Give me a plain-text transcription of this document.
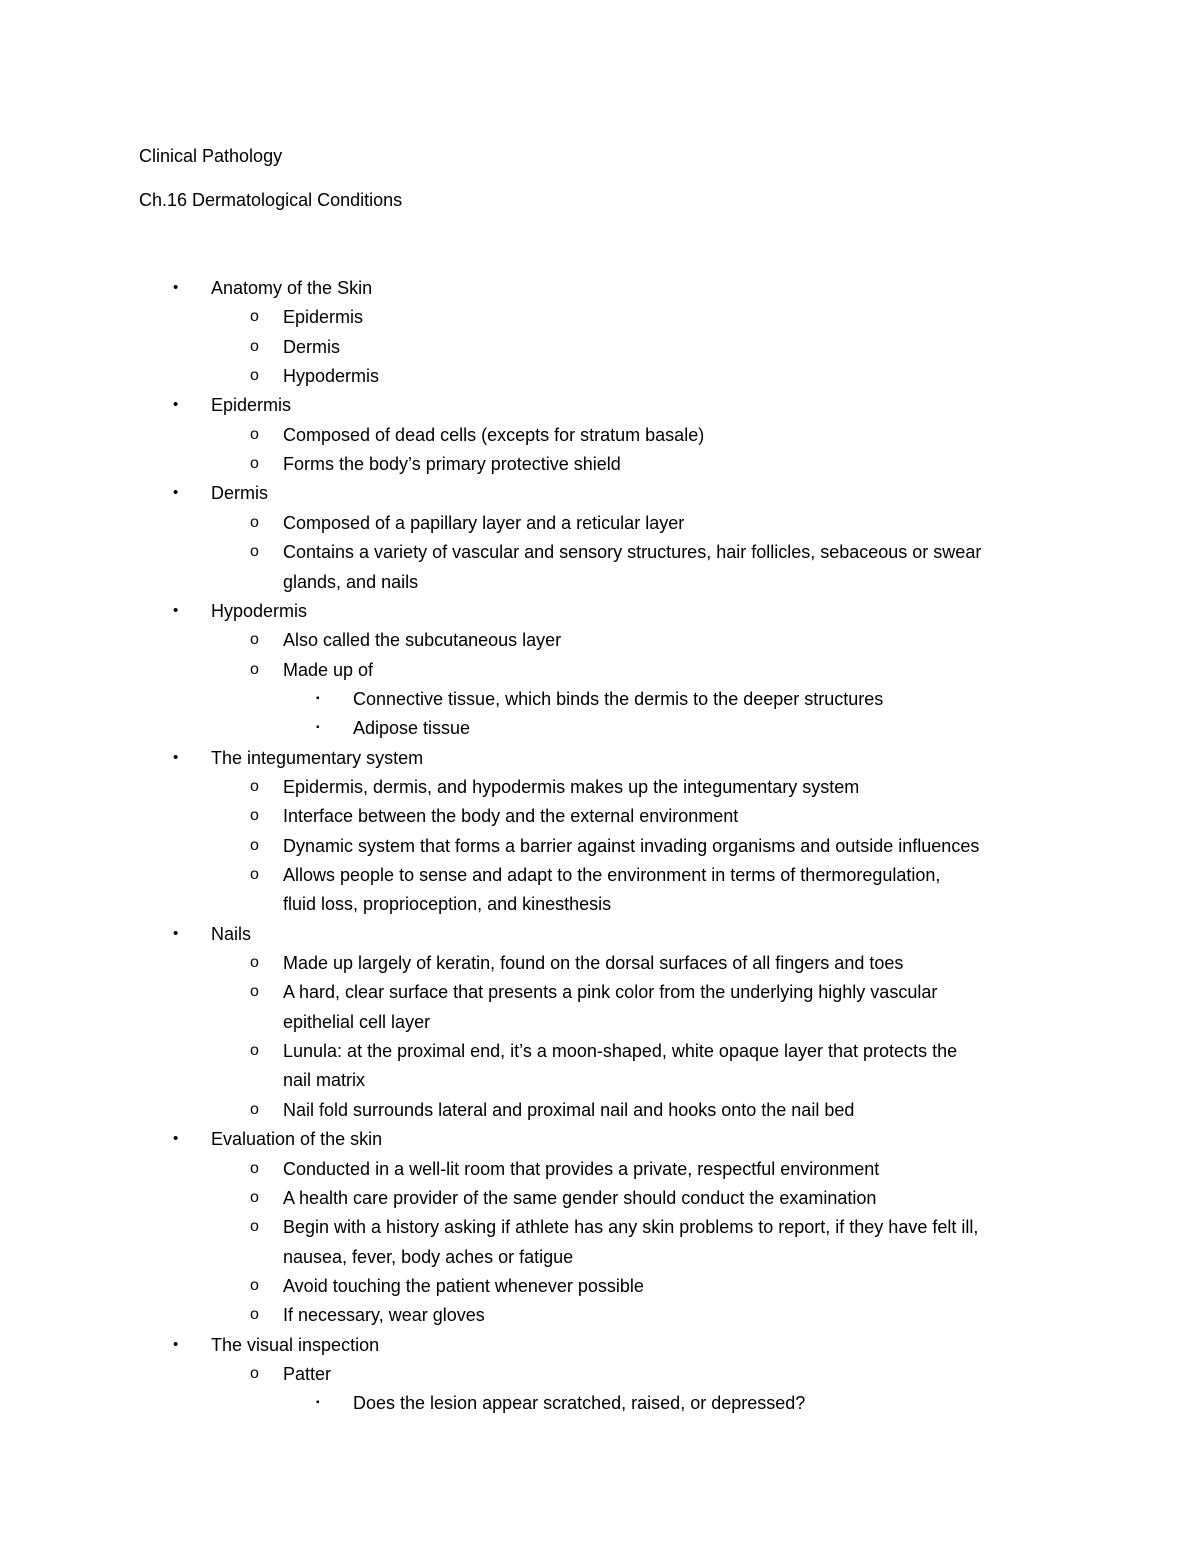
Clinical Pathology
Ch.16 Dermatological Conditions
• Anatomy of the Skin
o Epidermis
o Dermis
o Hypodermis
• Epidermis
o Composed of dead cells (excepts for stratum basale)
o Forms the body’s primary protective shield
• Dermis
o Composed of a papillary layer and a reticular layer
o Contains a variety of vascular and sensory structures, hair follicles, sebaceous or swear
glands, and nails
• Hypodermis
o Also called the subcutaneous layer
o Made up of
▪ Connective tissue, which binds the dermis to the deeper structures
▪ Adipose tissue
• The integumentary system
o Epidermis, dermis, and hypodermis makes up the integumentary system
o Interface between the body and the external environment
o Dynamic system that forms a barrier against invading organisms and outside influences
o Allows people to sense and adapt to the environment in terms of thermoregulation,
fluid loss, proprioception, and kinesthesis
• Nails
o Made up largely of keratin, found on the dorsal surfaces of all fingers and toes
o A hard, clear surface that presents a pink color from the underlying highly vascular
epithelial cell layer
o Lunula: at the proximal end, it’s a moon-shaped, white opaque layer that protects the
nail matrix
o Nail fold surrounds lateral and proximal nail and hooks onto the nail bed
• Evaluation of the skin
o Conducted in a well-lit room that provides a private, respectful environment
o A health care provider of the same gender should conduct the examination
o Begin with a history asking if athlete has any skin problems to report, if they have felt ill,
nausea, fever, body aches or fatigue
o Avoid touching the patient whenever possible
o If necessary, wear gloves
• The visual inspection
o Patter
▪ Does the lesion appear scratched, raised, or depressed?
